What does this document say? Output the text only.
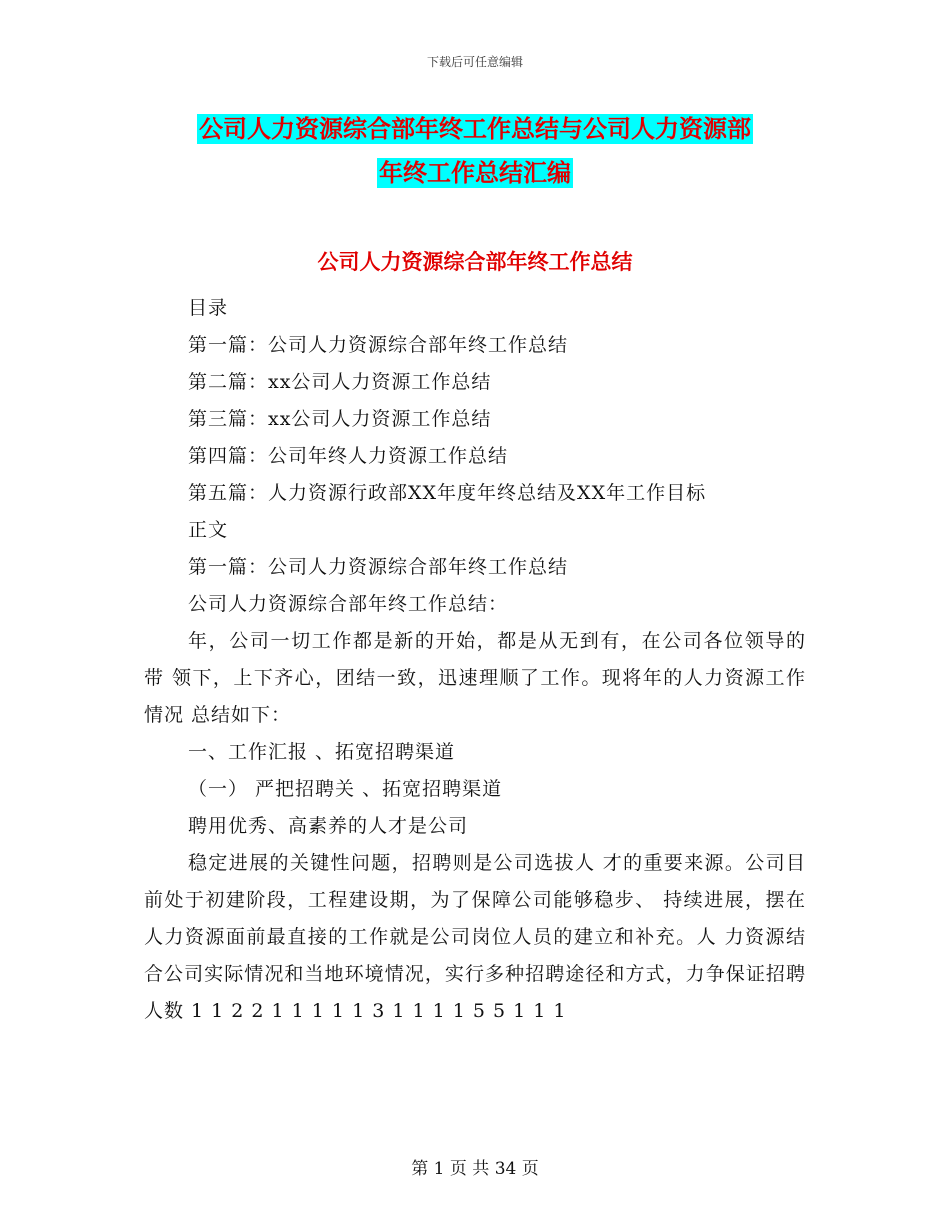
下载后可任意编辑
公司人力资源综合部年终工作总结与公司人力资源部
年终工作总结汇编
公司人力资源综合部年终工作总结

目录

第一篇：公司人力资源综合部年终工作总结

第二篇：xx公司人力资源工作总结

第三篇：xx公司人力资源工作总结

第四篇：公司年终人力资源工作总结

第五篇：人力资源行政部XX年度年终总结及XX年工作目标

正文

第一篇：公司人力资源综合部年终工作总结

公司人力资源综合部年终工作总结：

年，公司一切工作都是新的开始，都是从无到有，在公司各位领导的带 领下，上下齐心，团结一致，迅速理顺了工作。现将年的人力资源工作情况 总结如下：

一、工作汇报 、拓宽招聘渠道

（一） 严把招聘关 、拓宽招聘渠道

聘用优秀、高素养的人才是公司

稳定进展的关键性问题，招聘则是公司选拔人 才的重要来源。公司目前处于初建阶段，工程建设期，为了保障公司能够稳步、 持续进展，摆在人力资源面前最直接的工作就是公司岗位人员的建立和补充。人 力资源结合公司实际情况和当地环境情况，实行多种招聘途径和方式，力争保证招聘 人数 1 1 2 2 1 1 1 1 1 3 1 1 1 1 5 5 1 1 1

第 1 页 共 34 页
